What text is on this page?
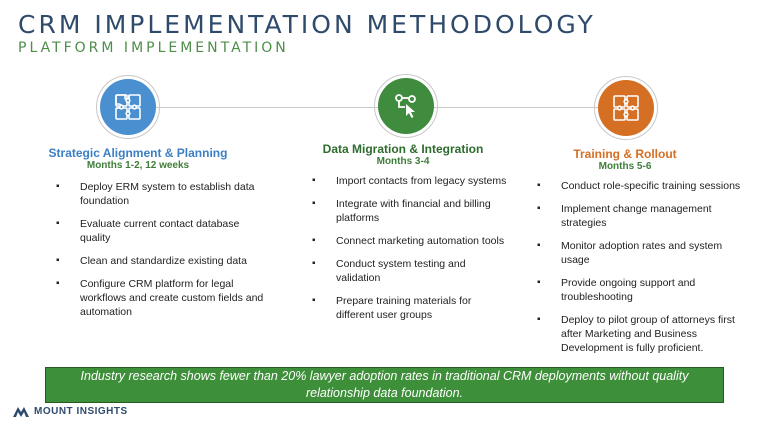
CRM IMPLEMENTATION METHODOLOGY
PLATFORM IMPLEMENTATION
Strategic Alignment & Planning
Months 1-2, 12 weeks
Data Migration & Integration
Months 3-4
Training & Rollout
Months 5-6
▪ Deploy ERM system to establish data foundation
▪ Evaluate current contact database quality
▪ Clean and standardize existing data
▪ Configure CRM platform for legal workflows and create custom fields and automation
▪ Import contacts from legacy systems
▪ Integrate with financial and billing platforms
▪ Connect marketing automation tools
▪ Conduct system testing and validation
▪ Prepare training materials for different user groups
▪ Conduct role-specific training sessions
▪ Implement change management strategies
▪ Monitor adoption rates and system usage
▪ Provide ongoing support and troubleshooting
▪ Deploy to pilot group of attorneys first after Marketing and Business Development is fully proficient.
Industry research shows fewer than 20% lawyer adoption rates in traditional CRM deployments without quality relationship data foundation.
MOUNT INSIGHTS
